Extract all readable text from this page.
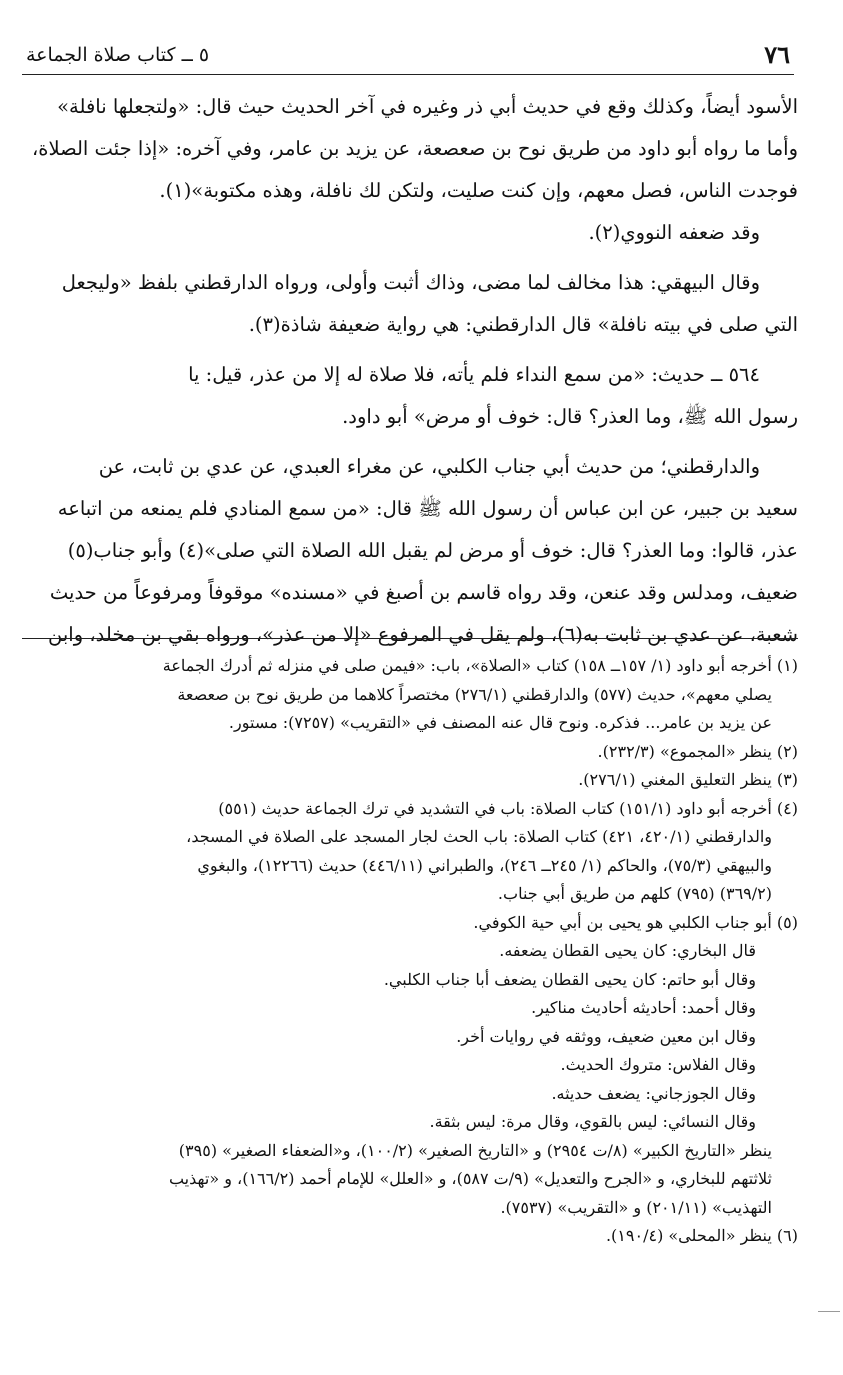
٧٦
٥ ــ كتاب صلاة الجماعة
الأسود أيضاً، وكذلك وقع في حديث أبي ذر وغيره في آخر الحديث حيث قال: «ولتجعلها نافلة»
وأما ما رواه أبو داود من طريق نوح بن صعصعة، عن يزيد بن عامر، وفي آخره: «إذا جئت الصلاة،
فوجدت الناس، فصل معهم، وإن كنت صليت، ولتكن لك نافلة، وهذه مكتوبة»(١).
وقد ضعفه النووي(٢).
وقال البيهقي: هذا مخالف لما مضى، وذاك أثبت وأولى، ورواه الدارقطني بلفظ «وليجعل
التي صلى في بيته نافلة» قال الدارقطني: هي رواية ضعيفة شاذة(٣).
٥٦٤ ــ حديث: «من سمع النداء فلم يأته، فلا صلاة له إلا من عذر، قيل: يا
رسول الله ﷺ، وما العذر؟ قال: خوف أو مرض» أبو داود.
والدارقطني؛ من حديث أبي جناب الكلبي، عن مغراء العبدي، عن عدي بن ثابت، عن
سعيد بن جبير، عن ابن عباس أن رسول الله ﷺ قال: «من سمع المنادي فلم يمنعه من اتباعه
عذر، قالوا: وما العذر؟ قال: خوف أو مرض لم يقبل الله الصلاة التي صلى»(٤) وأبو جناب(٥)
ضعيف، ومدلس وقد عنعن، وقد رواه قاسم بن أصبغ في «مسنده» موقوفاً ومرفوعاً من حديث
شعبة، عن عدي بن ثابت به(٦)، ولم يقل في المرفوع «إلا من عذر»، ورواه بقي بن مخلد، وابن
(١) أخرجه أبو داود (١/ ١٥٧ــ ١٥٨) كتاب «الصلاة»، باب: «فيمن صلى في منزله ثم أدرك الجماعة
يصلي معهم»، حديث (٥٧٧) والدارقطني (٢٧٦/١) مختصراً كلاهما من طريق نوح بن صعصعة
عن يزيد بن عامر... فذكره. ونوح قال عنه المصنف في «التقريب» (٧٢٥٧): مستور.
(٢) ينظر «المجموع» (٢٣٢/٣).
(٣) ينظر التعليق المغني (٢٧٦/١).
(٤) أخرجه أبو داود (١٥١/١) كتاب الصلاة: باب في التشديد في ترك الجماعة حديث (٥٥١)
والدارقطني (٤٢٠/١، ٤٢١) كتاب الصلاة: باب الحث لجار المسجد على الصلاة في المسجد،
والبيهقي (٧٥/٣)، والحاكم (١/ ٢٤٥ــ ٢٤٦)، والطبراني (٤٤٦/١١) حديث (١٢٢٦٦)، والبغوي
(٣٦٩/٢) (٧٩٥) كلهم من طريق أبي جناب.
(٥) أبو جناب الكلبي هو يحيى بن أبي حية الكوفي.
قال البخاري: كان يحيى القطان يضعفه.
وقال أبو حاتم: كان يحيى القطان يضعف أبا جناب الكلبي.
وقال أحمد: أحاديثه أحاديث مناكير.
وقال ابن معين ضعيف، ووثقه في روايات أخر.
وقال الفلاس: متروك الحديث.
وقال الجوزجاني: يضعف حديثه.
وقال النسائي: ليس بالقوي، وقال مرة: ليس بثقة.
ينظر «التاريخ الكبير» (٨/ت ٢٩٥٤) و «التاريخ الصغير» (١٠٠/٢)، و«الضعفاء الصغير» (٣٩٥)
ثلاثتهم للبخاري، و «الجرح والتعديل» (٩/ت ٥٨٧)، و «العلل» للإمام أحمد (١٦٦/٢)، و «تهذيب
التهذيب» (٢٠١/١١) و «التقريب» (٧٥٣٧).
(٦) ينظر «المحلى» (١٩٠/٤).
